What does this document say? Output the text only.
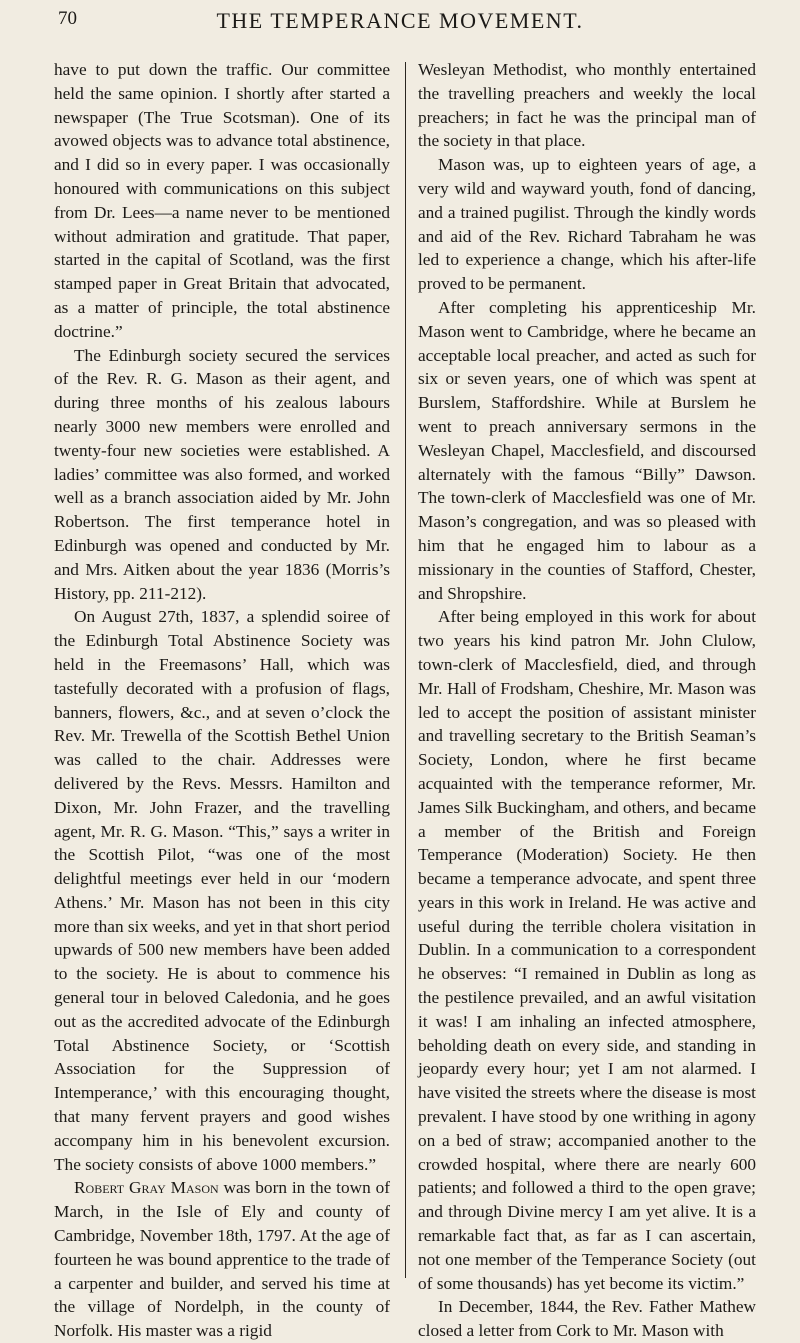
70	THE TEMPERANCE MOVEMENT.

have to put down the traffic. Our committee held the same opinion. I shortly after started a newspaper (The True Scotsman). One of its avowed objects was to advance total abstinence, and I did so in every paper. I was occasionally honoured with communications on this subject from Dr. Lees—a name never to be mentioned without admiration and gratitude. That paper, started in the capital of Scotland, was the first stamped paper in Great Britain that advocated, as a matter of principle, the total abstinence doctrine.”

The Edinburgh society secured the services of the Rev. R. G. Mason as their agent, and during three months of his zealous labours nearly 3000 new members were enrolled and twenty-four new societies were established. A ladies’ committee was also formed, and worked well as a branch association aided by Mr. John Robertson. The first temperance hotel in Edinburgh was opened and conducted by Mr. and Mrs. Aitken about the year 1836 (Morris’s History, pp. 211-212).

On August 27th, 1837, a splendid soiree of the Edinburgh Total Abstinence Society was held in the Freemasons’ Hall, which was tastefully decorated with a profusion of flags, banners, flowers, &c., and at seven o’clock the Rev. Mr. Trewella of the Scottish Bethel Union was called to the chair. Addresses were delivered by the Revs. Messrs. Hamilton and Dixon, Mr. John Frazer, and the travelling agent, Mr. R. G. Mason. “This,” says a writer in the Scottish Pilot, “was one of the most delightful meetings ever held in our ‘modern Athens.’ Mr. Mason has not been in this city more than six weeks, and yet in that short period upwards of 500 new members have been added to the society. He is about to commence his general tour in beloved Caledonia, and he goes out as the accredited advocate of the Edinburgh Total Abstinence Society, or ‘Scottish Association for the Suppression of Intemperance,’ with this encouraging thought, that many fervent prayers and good wishes accompany him in his benevolent excursion. The society consists of above 1000 members.”

Robert Gray Mason was born in the town of March, in the Isle of Ely and county of Cambridge, November 18th, 1797. At the age of fourteen he was bound apprentice to the trade of a carpenter and builder, and served his time at the village of Nordelph, in the county of Norfolk. His master was a rigid

Wesleyan Methodist, who monthly entertained the travelling preachers and weekly the local preachers; in fact he was the principal man of the society in that place.

Mason was, up to eighteen years of age, a very wild and wayward youth, fond of dancing, and a trained pugilist. Through the kindly words and aid of the Rev. Richard Tabraham he was led to experience a change, which his after-life proved to be permanent.

After completing his apprenticeship Mr. Mason went to Cambridge, where he became an acceptable local preacher, and acted as such for six or seven years, one of which was spent at Burslem, Staffordshire. While at Burslem he went to preach anniversary sermons in the Wesleyan Chapel, Macclesfield, and discoursed alternately with the famous “Billy” Dawson. The town-clerk of Macclesfield was one of Mr. Mason’s congregation, and was so pleased with him that he engaged him to labour as a missionary in the counties of Stafford, Chester, and Shropshire.

After being employed in this work for about two years his kind patron Mr. John Clulow, town-clerk of Macclesfield, died, and through Mr. Hall of Frodsham, Cheshire, Mr. Mason was led to accept the position of assistant minister and travelling secretary to the British Seaman’s Society, London, where he first became acquainted with the temperance reformer, Mr. James Silk Buckingham, and others, and became a member of the British and Foreign Temperance (Moderation) Society. He then became a temperance advocate, and spent three years in this work in Ireland. He was active and useful during the terrible cholera visitation in Dublin. In a communication to a correspondent he observes: “I remained in Dublin as long as the pestilence prevailed, and an awful visitation it was! I am inhaling an infected atmosphere, beholding death on every side, and standing in jeopardy every hour; yet I am not alarmed. I have visited the streets where the disease is most prevalent. I have stood by one writhing in agony on a bed of straw; accompanied another to the crowded hospital, where there are nearly 600 patients; and followed a third to the open grave; and through Divine mercy I am yet alive. It is a remarkable fact that, as far as I can ascertain, not one member of the Temperance Society (out of some thousands) has yet become its victim.”

In December, 1844, the Rev. Father Mathew closed a letter from Cork to Mr. Mason with
